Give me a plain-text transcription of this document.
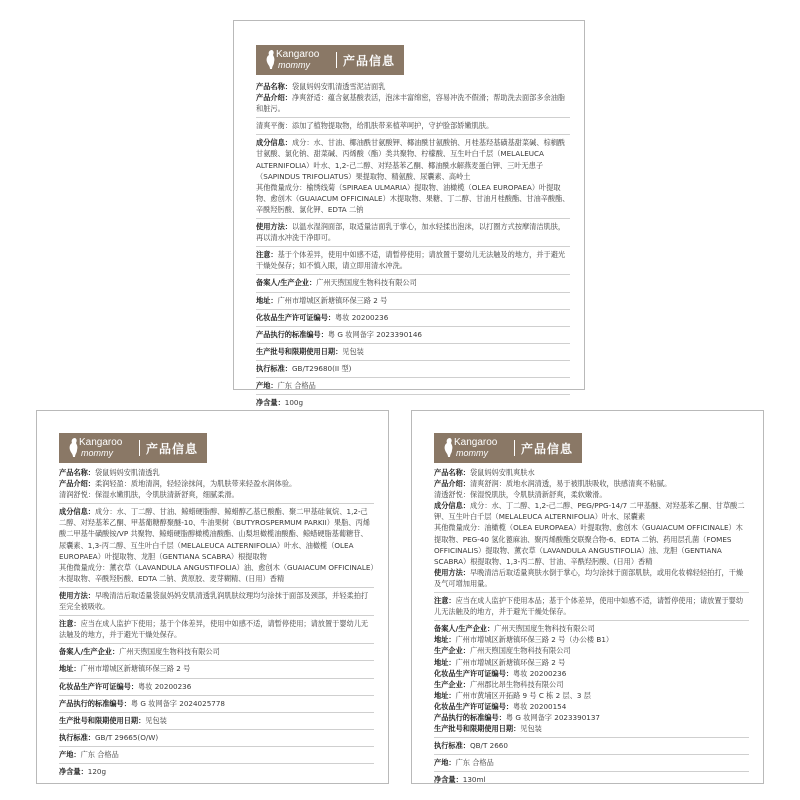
Kangaroo
mommy	产品信息

产品名称：袋鼠妈妈安肌清透雪泥洁面乳

产品介绍：净爽舒适：蕴含氨基酸表活，泡沫丰富绵密，容易冲洗不假滑；帮助洗去面部多余油脂和脏污。

清爽平衡：添加了植物提取物，给肌肤带来植萃呵护，守护脸部娇嫩肌肤。

成分信息：成分：水、甘油、椰油酰甘氨酸钾、椰油酰甘氨酸钠、月桂基羟基磺基甜菜碱、棕榈酰甘氨酸、氯化钠、甜菜碱、丙烯酸（酯）类共聚物、柠檬酸、互生叶白千层（MELALEUCA ALTERNIFOLIA）叶水、1,2-己二醇、对羟基苯乙酮、椰油酰水解燕麦蛋白钾、三叶无患子（SAPINDUS TRIFOLIATUS）果提取物、精氨酸、尿囊素、高岭土

其他微量成分：榆绣线菊（SPIRAEA ULMARIA）提取物、油橄榄（OLEA EUROPAEA）叶提取物、愈创木（GUAIACUM OFFICINALE）木提取物、果糖、丁二醇、甘油月桂酸酯、甘油辛酸酯、辛酰羟肟酸、氯化钾、EDTA 二钠

使用方法：以温水湿润面部，取适量洁面乳于掌心，加水轻揉出泡沫，以打圈方式按摩清洁肌肤，再以清水冲洗干净即可。

注意：基于个体差异，使用中如感不适，请暂停使用；请放置于婴幼儿无法触及的地方，并于避光干燥处保存；如不慎入眼，请立即用清水冲洗。

备案人/生产企业：广州天煦国度生物科技有限公司

地址：广州市增城区新塘镇环保三路 2 号

化妆品生产许可证编号：粤妆 20200236

产品执行的标准编号：粤 G 妆网备字 2023390146

生产批号和限期使用日期：见包装

执行标准：GB/T29680(II 型)

产地：广东 合格品

净含量：100g

Kangaroo
mommy	产品信息

产品名称：袋鼠妈妈安肌清透乳

产品介绍：柔润轻盈：质地清润，轻轻涂抹间，为肌肤带来轻盈水润体验。

清润舒悦：保湿水嫩肌肤，令肌肤清新舒爽，细腻柔滑。

成分信息：成分：水、丁二醇、甘油、鲸蜡硬脂醇、鲸蜡醇乙基已酸酯、聚二甲基硅氧烷、1,2-己二醇、对羟基苯乙酮、甲基葡糖醇聚醚-10、牛油果树（BUTYROSPERMUM PARKII）果脂、丙烯酸二甲基牛磺酸铵/VP 共聚物、鲸蜡硬脂醇橄榄油酸酯、山梨坦橄榄油酸酯、鲸蜡硬脂基葡糖苷、尿囊素、1,3-丙二醇、互生叶白千层（MELALEUCA ALTERNIFOLIA）叶水、油橄榄（OLEA EUROPAEA）叶提取物、龙胆（GENTIANA SCABRA）根提取物

其他微量成分：薰衣草（LAVANDULA ANGUSTIFOLIA）油、愈创木（GUAIACUM OFFICINALE）木提取物、辛酰羟肟酸、EDTA 二钠、黄原胶、麦芽糊精、(日用）香精

使用方法：早晚清洁后取适量袋鼠妈妈安肌清透乳润肌肤纹理均匀涂抹于面部及颈部，并轻柔拍打至完全被吸收。

注意：应当在成人监护下使用；基于个体差异，使用中如感不适，请暂停使用；请放置于婴幼儿无法触及的地方，并于避光干燥处保存。

备案人/生产企业：广州天煦国度生物科技有限公司

地址：广州市增城区新塘镇环保三路 2 号

化妆品生产许可证编号：粤妆 20200236

产品执行的标准编号：粤 G 妆网备字 2024025778

生产批号和限期使用日期：见包装

执行标准：GB/T 29665(O/W)

产地：广东 合格品

净含量：120g

Kangaroo
mommy	产品信息

产品名称：袋鼠妈妈安肌爽肤水

产品介绍：清爽舒润：质地水润清透，易于被肌肤吸收，肤感清爽不粘腻。

清透舒悦：保湿悦肌肤，令肌肤清新舒爽，柔软嫩滑。

成分信息：成分：水、丁二醇、1,2-己二醇、PEG/PPG-14/7 二甲基醚、对羟基苯乙酮、甘草酸二钾、互生叶白千层（MELALEUCA ALTERNIFOLIA）叶水、尿囊素

其他微量成分：油橄榄（OLEA EUROPAEA）叶提取物、愈创木（GUAIACUM OFFICINALE）木提取物、PEG-40 氢化蓖麻油、聚丙烯酸酯交联聚合物-6、EDTA 二钠、药用层孔菌（FOMES OFFICINALIS）提取物、薰衣草（LAVANDULA ANGUSTIFOLIA）油、龙胆（GENTIANA SCABRA）根提取物、1,3-丙二醇、甘油、辛酰羟肟酸、(日用）香精

使用方法：早晚清洁后取适量爽肤水倒于掌心，均匀涂抹于面部肌肤，或用化妆棉轻轻拍打，干燥及气可增加用量。

注意：应当在成人监护下使用本品；基于个体差异，使用中如感不适，请暂停使用；请放置于婴幼儿无法触及的地方，并于避光干燥处保存。

备案人/生产企业：广州天煦国度生物科技有限公司

地址：广州市增城区新塘镇环保三路 2 号（办公楼 B1）

生产企业：广州天煦国度生物科技有限公司

地址：广州市增城区新塘镇环保三路 2 号

化妆品生产许可证编号：粤妆 20200236

生产企业：广州郡比昂生物科技有限公司

地址：广州市黄埔区开拓路 9 号 C 栋 2 层、3 层

化妆品生产许可证编号：粤妆 20200154

产品执行的标准编号：粤 G 妆网备字 2023390137

生产批号和限期使用日期：见包装

执行标准：QB/T 2660

产地：广东 合格品

净含量：130ml
